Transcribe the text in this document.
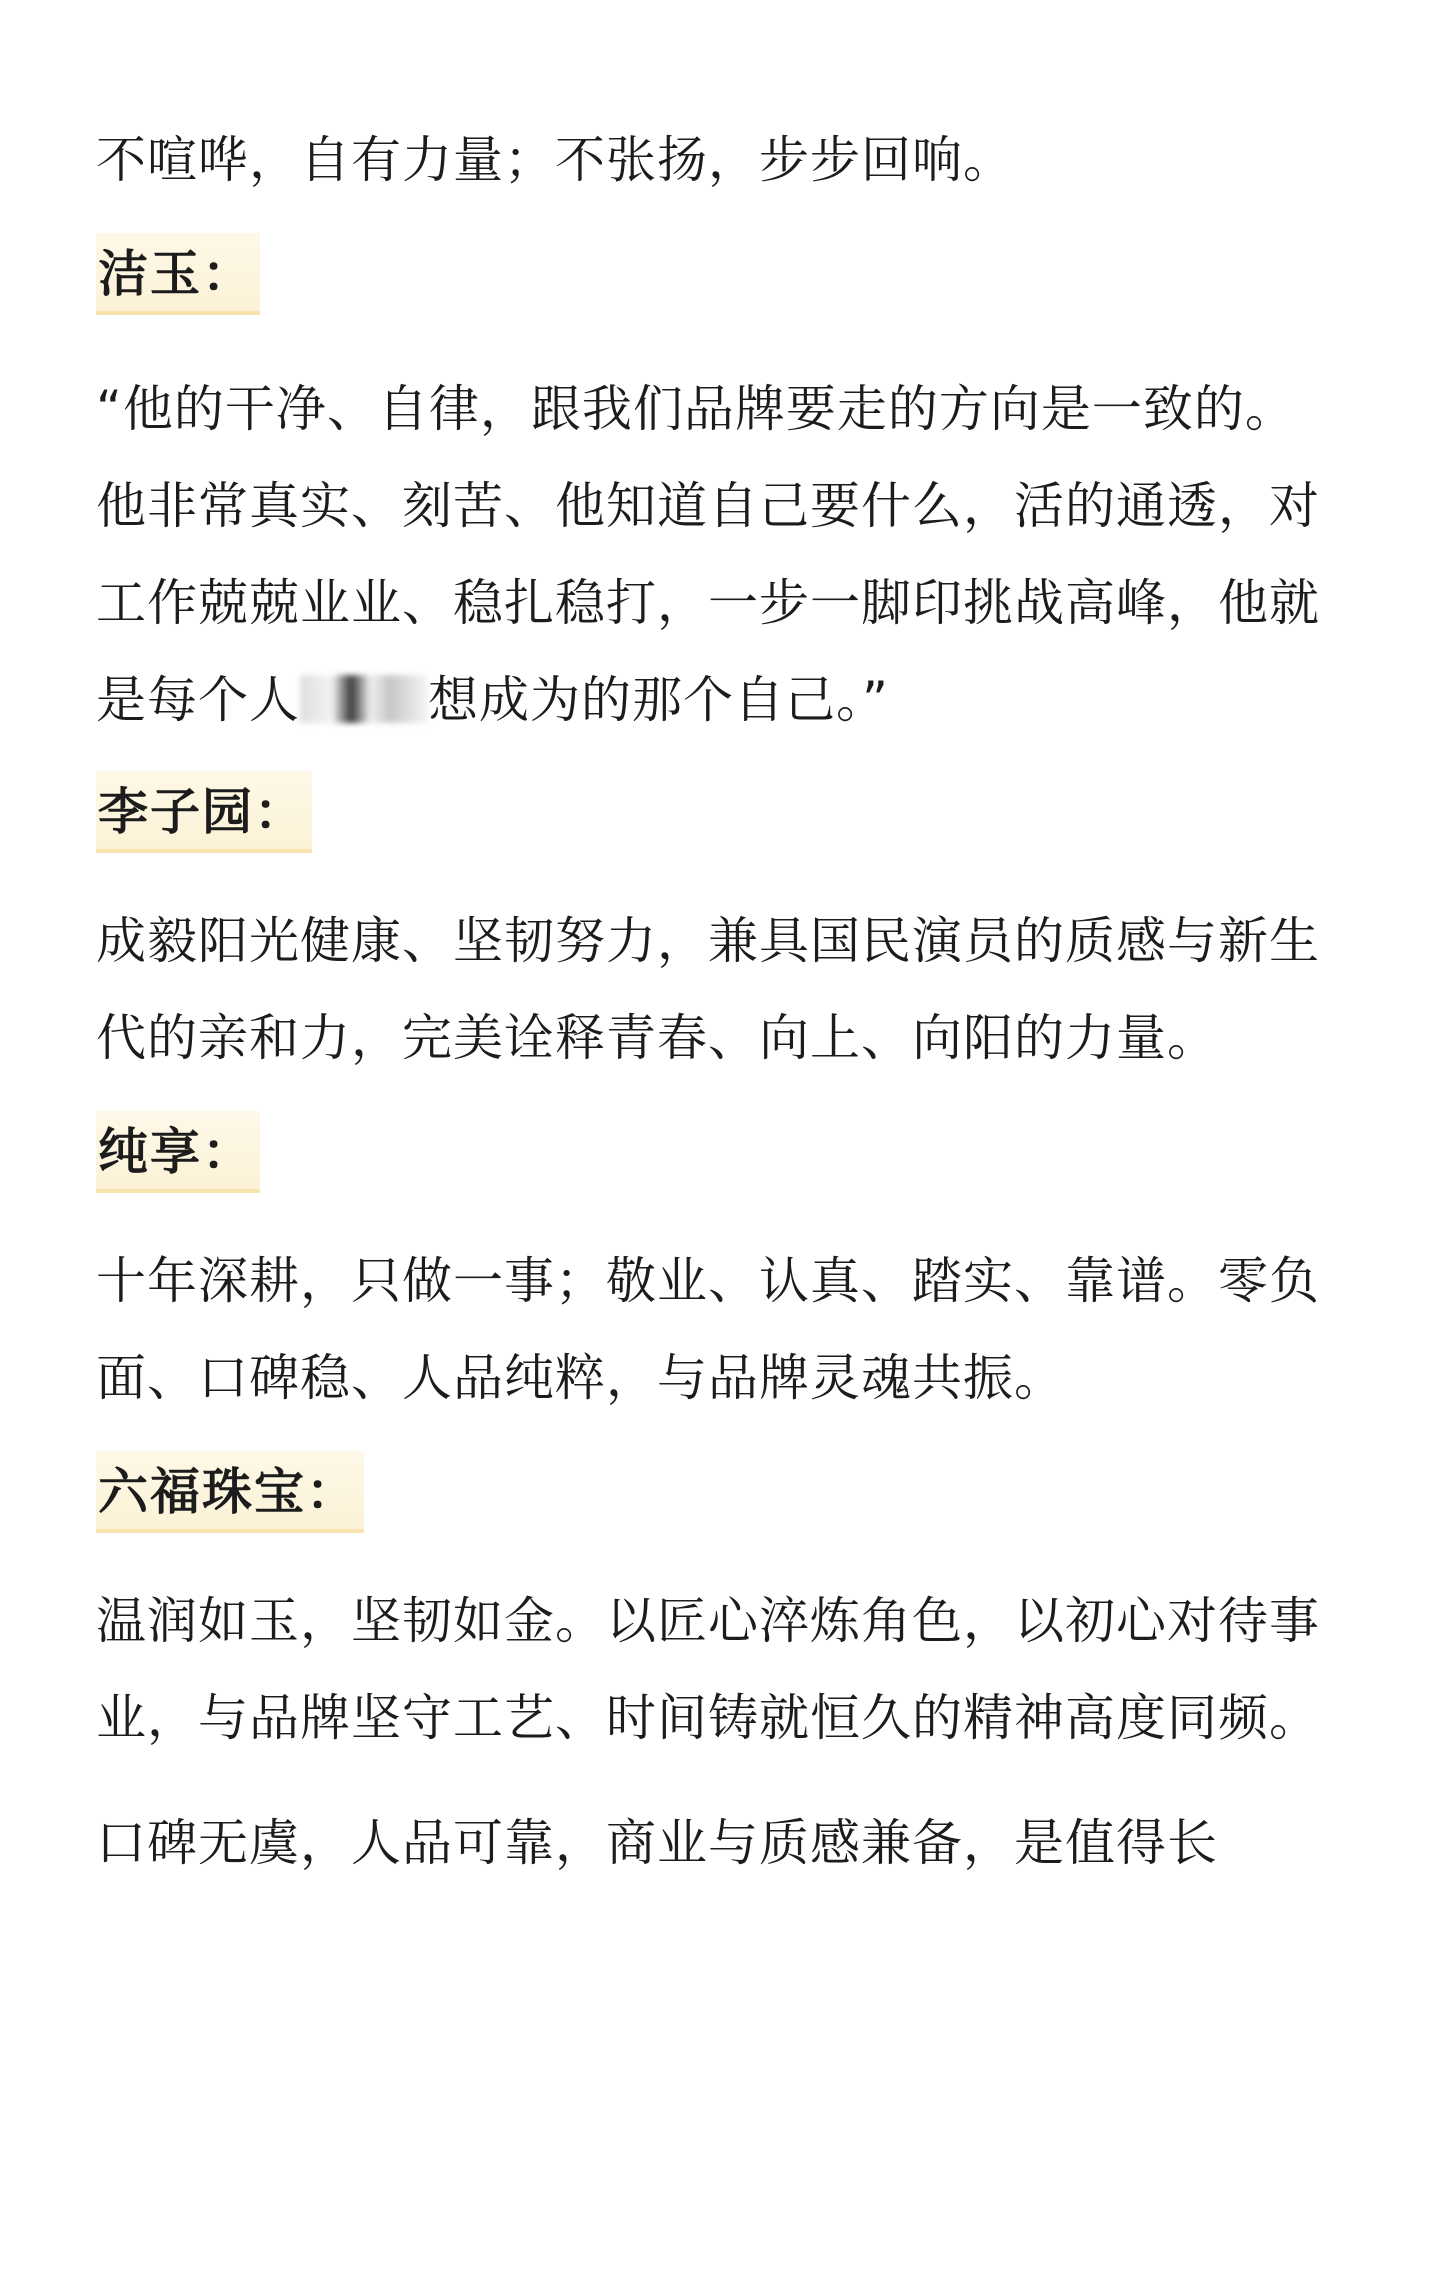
不喧哗，自有力量；不张扬，步步回响。

洁玉：

“他的干净、自律，跟我们品牌要走的方向是一致的。他非常真实、刻苦、他知道自己要什么，活的通透，对工作兢兢业业、稳扎稳打，一步一脚印挑战高峰，他就是每个人	想成为的那个自己。”

李子园：

成毅阳光健康、坚韧努力，兼具国民演员的质感与新生代的亲和力，完美诠释青春、向上、向阳的力量。

纯享：

十年深耕，只做一事；敬业、认真、踏实、靠谱。零负面、口碑稳、人品纯粹，与品牌灵魂共振。

六福珠宝：

温润如玉，坚韧如金。以匠心淬炼角色，以初心对待事业，与品牌坚守工艺、时间铸就恒久的精神高度同频。

口碑无虞，人品可靠，商业与质感兼备，是值得长
